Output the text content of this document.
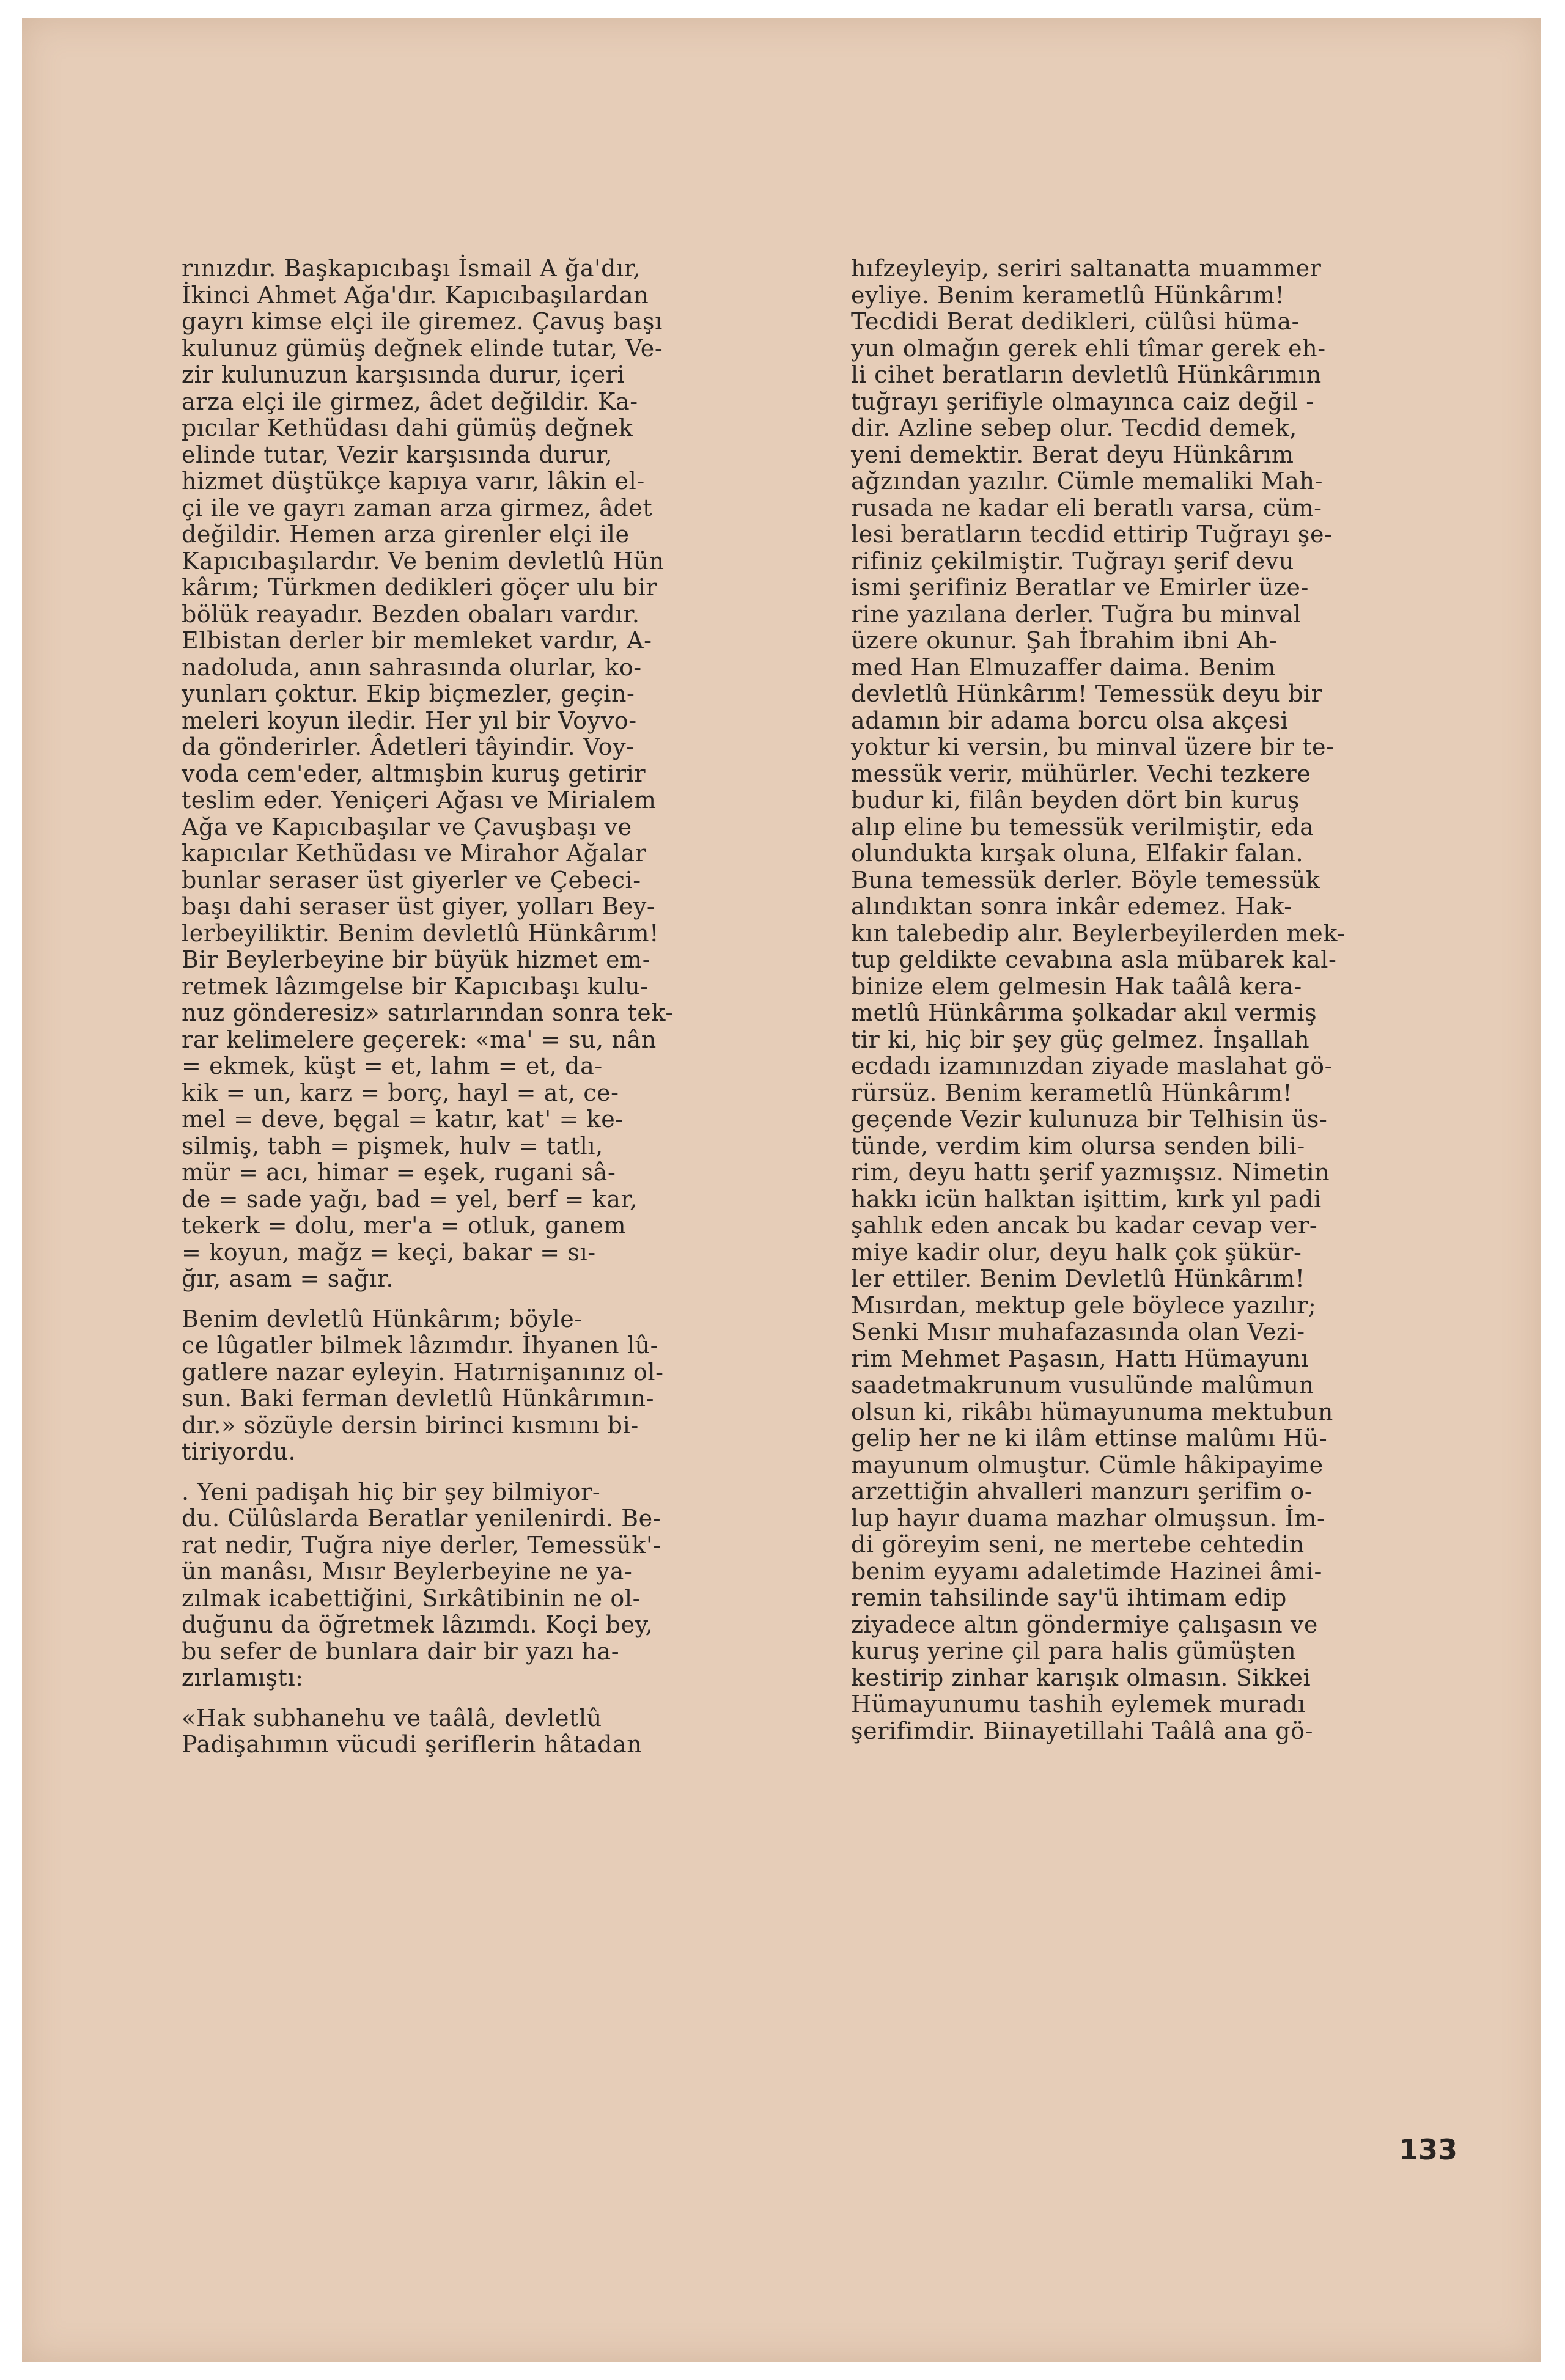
rınızdır. Başkapıcıbaşı İsmail A ğa'dır,

İkinci Ahmet Ağa'dır. Kapıcıbaşılardan

gayrı kimse elçi ile giremez. Çavuş başı

kulunuz gümüş değnek elinde tutar, Ve-

zir kulunuzun karşısında durur, içeri

arza elçi ile girmez, âdet değildir. Ka-

pıcılar Kethüdası dahi gümüş değnek

elinde tutar, Vezir karşısında durur,

hizmet düştükçe kapıya varır, lâkin el-

çi ile ve gayrı zaman arza girmez, âdet

değildir. Hemen arza girenler elçi ile

Kapıcıbaşılardır. Ve benim devletlû Hün

kârım; Türkmen dedikleri göçer ulu bir

bölük reayadır. Bezden obaları vardır.

Elbistan derler bir memleket vardır, A-

nadoluda, anın sahrasında olurlar, ko-

yunları çoktur. Ekip biçmezler, geçin-

meleri koyun iledir. Her yıl bir Voyvo-

da gönderirler. Âdetleri tâyindir. Voy-

voda cem'eder, altmışbin kuruş getirir

teslim eder. Yeniçeri Ağası ve Mirialem

Ağa ve Kapıcıbaşılar ve Çavuşbaşı ve

kapıcılar Kethüdası ve Mirahor Ağalar

bunlar seraser üst giyerler ve Çebeci-

başı dahi seraser üst giyer, yolları Bey-

lerbeyiliktir. Benim devletlû Hünkârım!

Bir Beylerbeyine bir büyük hizmet em-

retmek lâzımgelse bir Kapıcıbaşı kulu-

nuz gönderesiz» satırlarından sonra tek-

rar kelimelere geçerek: «ma' = su, nân

= ekmek, küşt = et, lahm = et, da-

kik = un, karz = borç, hayl = at, ce-

mel = deve, bęgal = katır, kat' = ke-

silmiş, tabh = pişmek, hulv = tatlı,

mür = acı, himar = eşek, rugani sâ-

de = sade yağı, bad = yel, berf = kar,

tekerk = dolu, mer'a = otluk, ganem

= koyun, mağz = keçi, bakar = sı-

ğır, asam = sağır.

Benim devletlû Hünkârım; böyle-

ce lûgatler bilmek lâzımdır. İhyanen lû-

gatlere nazar eyleyin. Hatırnişanınız ol-

sun. Baki ferman devletlû Hünkârımın-

dır.» sözüyle dersin birinci kısmını bi-

tiriyordu.

. Yeni padişah hiç bir şey bilmiyor-

du. Cülûslarda Beratlar yenilenirdi. Be-

rat nedir, Tuğra niye derler, Temessük'-

ün manâsı, Mısır Beylerbeyine ne ya-

zılmak icabettiğini, Sırkâtibinin ne ol-

duğunu da öğretmek lâzımdı. Koçi bey,

bu sefer de bunlara dair bir yazı ha-

zırlamıştı:

«Hak subhanehu ve taâlâ, devletlû

Padişahımın vücudi şeriflerin hâtadan

hıfzeyleyip, seriri saltanatta muammer

eyliye. Benim kerametlû Hünkârım!

Tecdidi Berat dedikleri, cülûsi hüma-

yun olmağın gerek ehli tîmar gerek eh-

li cihet beratların devletlû Hünkârımın

tuğrayı şerifiyle olmayınca caiz değil -

dir. Azline sebep olur. Tecdid demek,

yeni demektir. Berat deyu Hünkârım

ağzından yazılır. Cümle memaliki Mah-

rusada ne kadar eli beratlı varsa, cüm-

lesi beratların tecdid ettirip Tuğrayı şe-

rifiniz çekilmiştir. Tuğrayı şerif devu

ismi şerifiniz Beratlar ve Emirler üze-

rine yazılana derler. Tuğra bu minval

üzere okunur. Şah İbrahim ibni Ah-

med Han Elmuzaffer daima. Benim

devletlû Hünkârım! Temessük deyu bir

adamın bir adama borcu olsa akçesi

yoktur ki versin, bu minval üzere bir te-

messük verir, mühürler. Vechi tezkere

budur ki, filân beyden dört bin kuruş

alıp eline bu temessük verilmiştir, eda

olundukta kırşak oluna, Elfakir falan.

Buna temessük derler. Böyle temessük

alındıktan sonra inkâr edemez. Hak-

kın talebedip alır. Beylerbeyilerden mek-

tup geldikte cevabına asla mübarek kal-

binize elem gelmesin Hak taâlâ kera-

metlû Hünkârıma şolkadar akıl vermiş

tir ki, hiç bir şey güç gelmez. İnşallah

ecdadı izamınızdan ziyade maslahat gö-

rürsüz. Benim kerametlû Hünkârım!

geçende Vezir kulunuza bir Telhisin üs-

tünde, verdim kim olursa senden bili-

rim, deyu hattı şerif yazmışsız. Nimetin

hakkı icün halktan işittim, kırk yıl padi

şahlık eden ancak bu kadar cevap ver-

miye kadir olur, deyu halk çok şükür-

ler ettiler. Benim Devletlû Hünkârım!

Mısırdan, mektup gele böylece yazılır;

Senki Mısır muhafazasında olan Vezi-

rim Mehmet Paşasın, Hattı Hümayunı

saadetmakrunum vusulünde malûmun

olsun ki, rikâbı hümayunuma mektubun

gelip her ne ki ilâm ettinse malûmı Hü-

mayunum olmuştur. Cümle hâkipayime

arzettiğin ahvalleri manzurı şerifim o-

lup hayır duama mazhar olmuşsun. İm-

di göreyim seni, ne mertebe cehtedin

benim eyyamı adaletimde Hazinei âmi-

remin tahsilinde say'ü ihtimam edip

ziyadece altın göndermiye çalışasın ve

kuruş yerine çil para halis gümüşten

kestirip zinhar karışık olmasın. Sikkei

Hümayunumu tashih eylemek muradı

şerifimdir. Biinayetillahi Taâlâ ana gö-

133
